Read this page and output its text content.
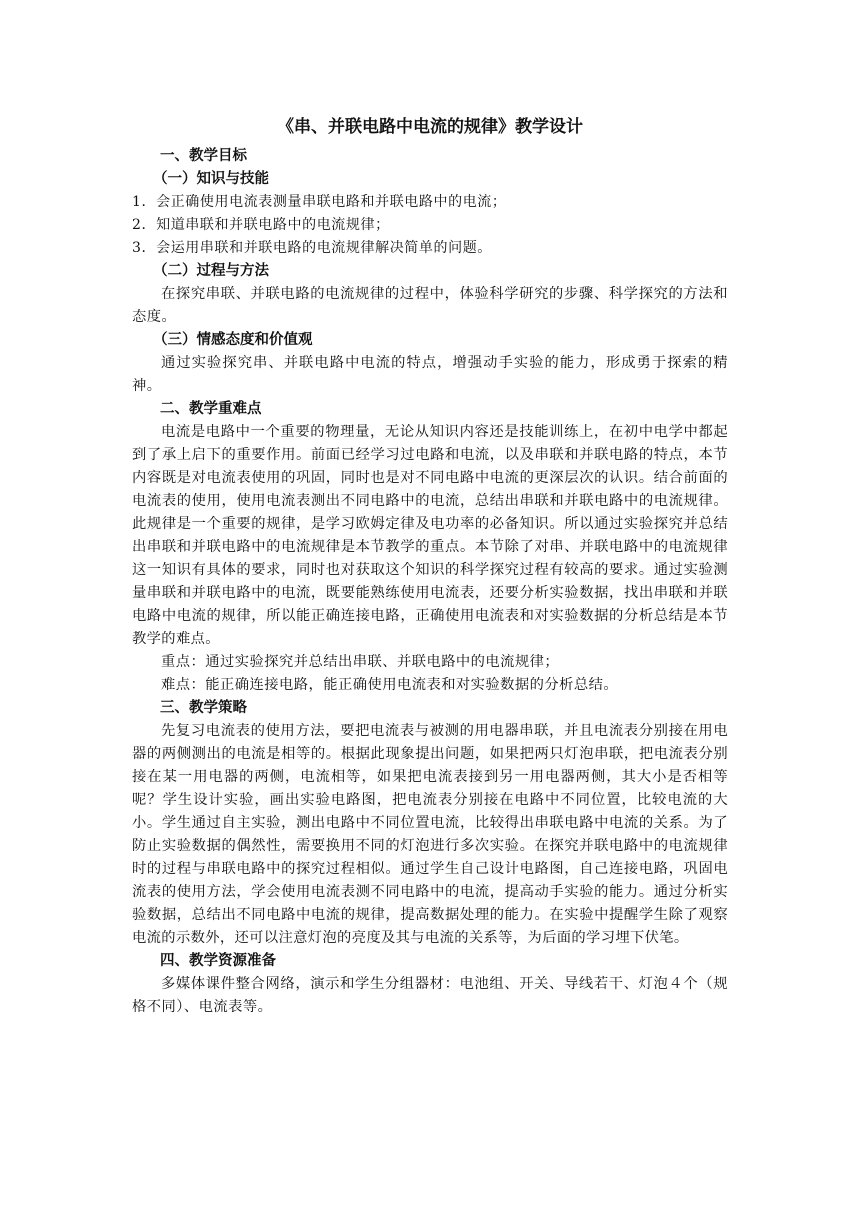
《串、并联电路中电流的规律》教学设计
一、教学目标
（一）知识与技能
1．会正确使用电流表测量串联电路和并联电路中的电流；
2．知道串联和并联电路中的电流规律；
3．会运用串联和并联电路的电流规律解决简单的问题。
（二）过程与方法

在探究串联、并联电路的电流规律的过程中，体验科学研究的步骤、科学探究的方法和态度。

（三）情感态度和价值观

通过实验探究串、并联电路中电流的特点，增强动手实验的能力，形成勇于探索的精神。

二、教学重难点

电流是电路中一个重要的物理量，无论从知识内容还是技能训练上，在初中电学中都起到了承上启下的重要作用。前面已经学习过电路和电流，以及串联和并联电路的特点，本节内容既是对电流表使用的巩固，同时也是对不同电路中电流的更深层次的认识。结合前面的电流表的使用，使用电流表测出不同电路中的电流，总结出串联和并联电路中的电流规律。此规律是一个重要的规律，是学习欧姆定律及电功率的必备知识。所以通过实验探究并总结出串联和并联电路中的电流规律是本节教学的重点。本节除了对串、并联电路中的电流规律这一知识有具体的要求，同时也对获取这个知识的科学探究过程有较高的要求。通过实验测量串联和并联电路中的电流，既要能熟练使用电流表，还要分析实验数据，找出串联和并联电路中电流的规律，所以能正确连接电路，正确使用电流表和对实验数据的分析总结是本节教学的难点。

重点：通过实验探究并总结出串联、并联电路中的电流规律；

难点：能正确连接电路，能正确使用电流表和对实验数据的分析总结。

三、教学策略

先复习电流表的使用方法，要把电流表与被测的用电器串联，并且电流表分别接在用电器的两侧测出的电流是相等的。根据此现象提出问题，如果把两只灯泡串联，把电流表分别接在某一用电器的两侧，电流相等，如果把电流表接到另一用电器两侧，其大小是否相等呢？学生设计实验，画出实验电路图，把电流表分别接在电路中不同位置，比较电流的大小。学生通过自主实验，测出电路中不同位置电流，比较得出串联电路中电流的关系。为了防止实验数据的偶然性，需要换用不同的灯泡进行多次实验。在探究并联电路中的电流规律时的过程与串联电路中的探究过程相似。通过学生自己设计电路图，自己连接电路，巩固电流表的使用方法，学会使用电流表测不同电路中的电流，提高动手实验的能力。通过分析实验数据，总结出不同电路中电流的规律，提高数据处理的能力。在实验中提醒学生除了观察电流的示数外，还可以注意灯泡的亮度及其与电流的关系等，为后面的学习埋下伏笔。

四、教学资源准备

多媒体课件整合网络，演示和学生分组器材：电池组、开关、导线若干、灯泡４个（规格不同）、电流表等。
